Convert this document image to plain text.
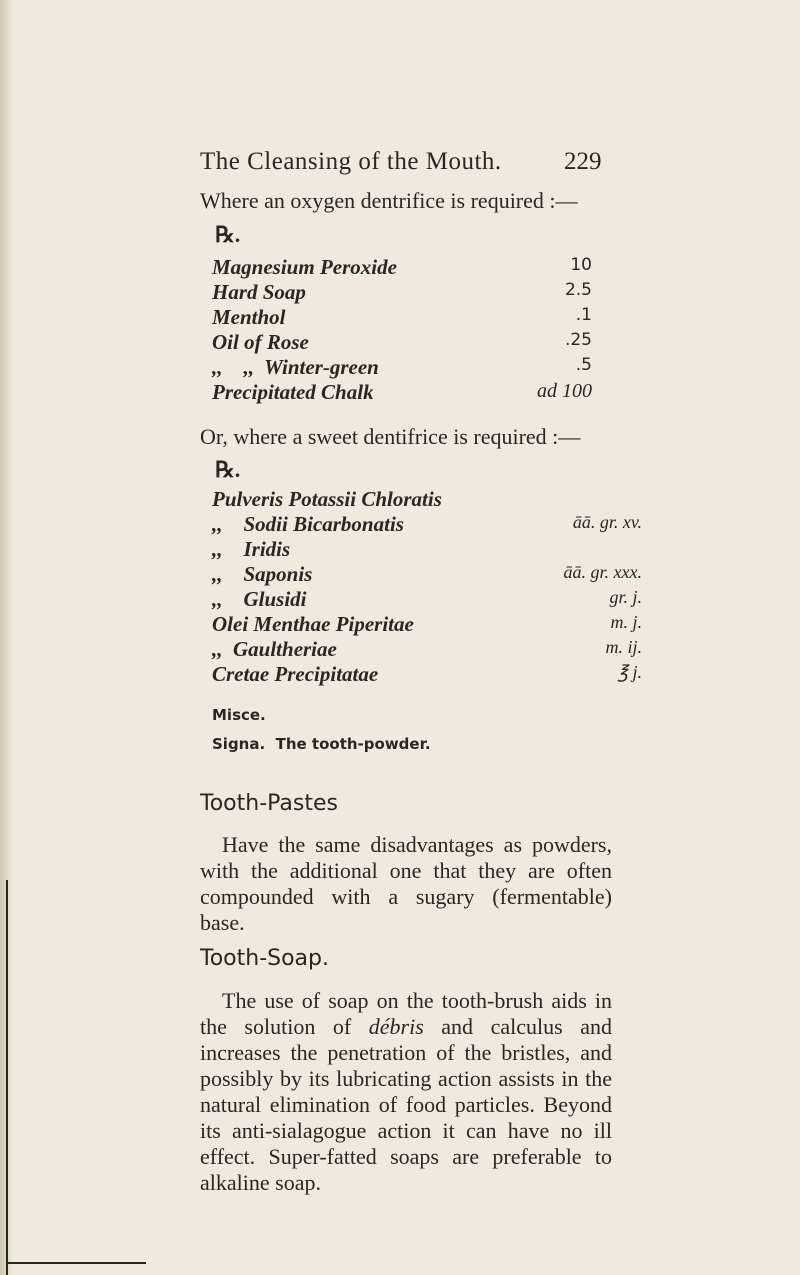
The Cleansing of the Mouth. 229
Where an oxygen dentrifice is required :—
℞.
Magnesium Peroxide	10
Hard Soap	2.5
Menthol	.1
Oil of Rose	.25
,,    ,,  Winter-green	.5
Precipitated Chalk	ad 100
Or, where a sweet dentifrice is required :—
℞.
Pulveris Potassii Chloratis
,,    Sodii Bicarbonatis	āā. gr. xv.
,,    Iridis
,,    Saponis	āā. gr. xxx.
,,    Glusidi	gr. j.
Olei Menthae Piperitae	m. j.
,,  Gaultheriae	m. ij.
Cretae Precipitatae	℥ j.
Misce.
Signa.  The tooth-powder.
Tooth-Pastes
Have the same disadvantages as powders, with the additional one that they are often compounded with a sugary (fermentable) base.
Tooth-Soap.
The use of soap on the tooth-brush aids in the solution of débris and calculus and increases the penetration of the bristles, and possibly by its lubricating action assists in the natural elimination of food particles. Beyond its anti-sialagogue action it can have no ill effect. Super-fatted soaps are preferable to alkaline soap.
